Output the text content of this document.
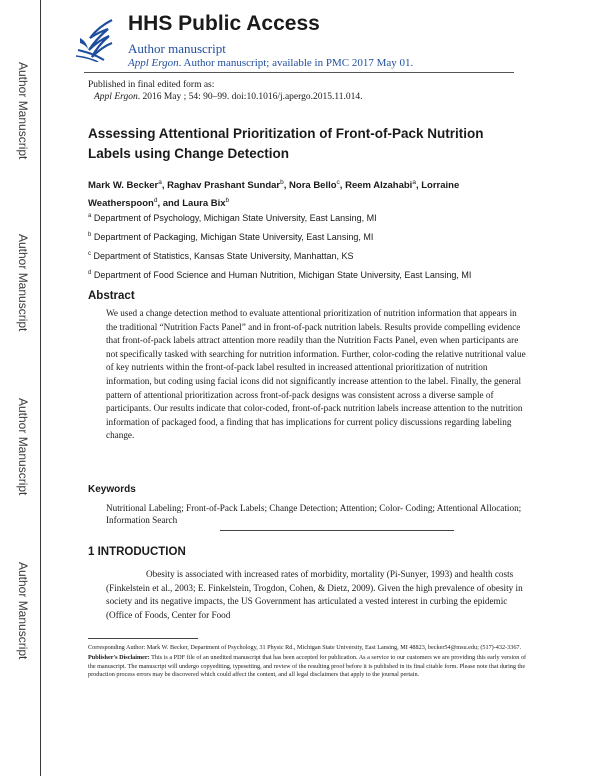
Author Manuscript
Author Manuscript
Author Manuscript
Author Manuscript
HHS Public Access
Author manuscript
Appl Ergon. Author manuscript; available in PMC 2017 May 01.
Published in final edited form as:
Appl Ergon. 2016 May ; 54: 90–99. doi:10.1016/j.apergo.2015.11.014.
Assessing Attentional Prioritization of Front-of-Pack Nutrition Labels using Change Detection
Mark W. Becker$^a$, Raghav Prashant Sundar$^b$, Nora Bello$^c$, Reem Alzahabi$^a$, Lorraine Weatherspoon$^d$, and Laura Bix$^b$
$^a$ Department of Psychology, Michigan State University, East Lansing, MI
$^b$ Department of Packaging, Michigan State University, East Lansing, MI
$^c$ Department of Statistics, Kansas State University, Manhattan, KS
$^d$ Department of Food Science and Human Nutrition, Michigan State University, East Lansing, MI
Abstract
We used a change detection method to evaluate attentional prioritization of nutrition information that appears in the traditional “Nutrition Facts Panel” and in front-of-pack nutrition labels. Results provide compelling evidence that front-of-pack labels attract attention more readily than the Nutrition Facts Panel, even when participants are not specifically tasked with searching for nutrition information. Further, color-coding the relative nutritional value of key nutrients within the front-of-pack label resulted in increased attentional prioritization of nutrition information, but coding using facial icons did not significantly increase attention to the label. Finally, the general pattern of attentional prioritization across front-of-pack designs was consistent across a diverse sample of participants. Our results indicate that color-coded, front-of-pack nutrition labels increase attention to the nutrition information of packaged food, a finding that has implications for current policy discussions regarding labeling change.
Keywords
Nutritional Labeling; Front-of-Pack Labels; Change Detection; Attention; Color- Coding; Attentional Allocation; Information Search
1 INTRODUCTION
Obesity is associated with increased rates of morbidity, mortality (Pi-Sunyer, 1993) and health costs (Finkelstein et al., 2003; E. Finkelstein, Trogdon, Cohen, & Dietz, 2009). Given the high prevalence of obesity in society and its negative impacts, the US Government has articulated a vested interest in curbing the epidemic (Office of Foods, Center for Food

Corresponding Author: Mark W. Becker, Department of Psychology, 31 Physic Rd., Michigan State University, East Lansing, MI 48823, becker54@msu.edu; (517)-432-3367.

Publisher's Disclaimer: This is a PDF file of an unedited manuscript that has been accepted for publication. As a service to our customers we are providing this early version of the manuscript. The manuscript will undergo copyediting, typesetting, and review of the resulting proof before it is published in its final citable form. Please note that during the production process errors may be discovered which could affect the content, and all legal disclaimers that apply to the journal pertain.
